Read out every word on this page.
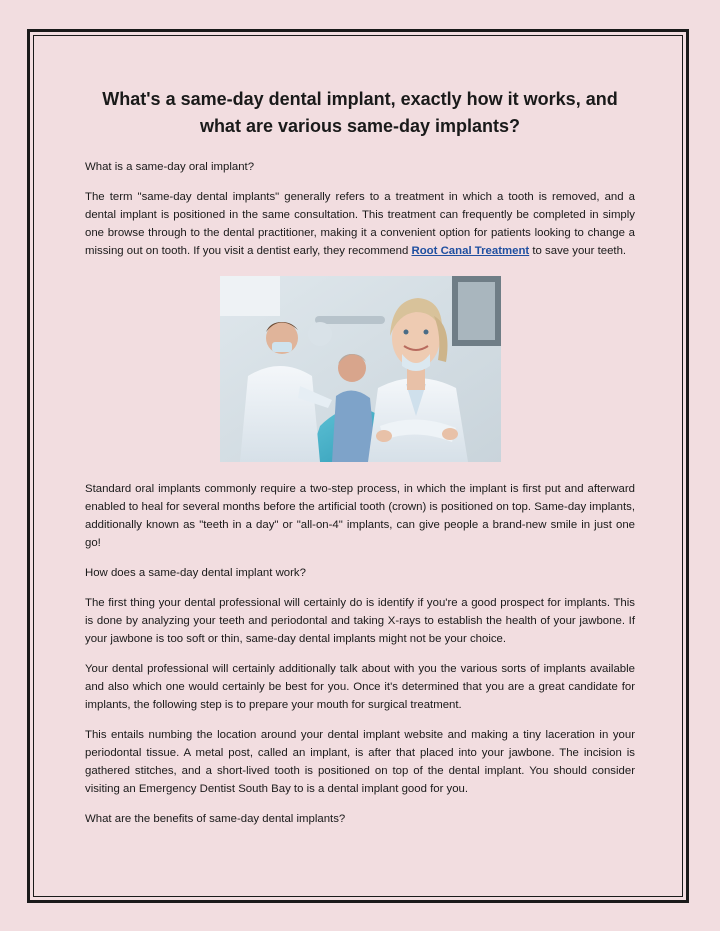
What's a same-day dental implant, exactly how it works, and what are various same-day implants?

What is a same-day oral implant?

The term "same-day dental implants" generally refers to a treatment in which a tooth is removed, and a dental implant is positioned in the same consultation. This treatment can frequently be completed in simply one browse through to the dental practitioner, making it a convenient option for patients looking to change a missing out on tooth. If you visit a dentist early, they recommend Root Canal Treatment to save your teeth.

Standard oral implants commonly require a two-step process, in which the implant is first put and afterward enabled to heal for several months before the artificial tooth (crown) is positioned on top. Same-day implants, additionally known as "teeth in a day" or "all-on-4" implants, can give people a brand-new smile in just one go!

How does a same-day dental implant work?

The first thing your dental professional will certainly do is identify if you're a good prospect for implants. This is done by analyzing your teeth and periodontal and taking X-rays to establish the health of your jawbone. If your jawbone is too soft or thin, same-day dental implants might not be your choice.

Your dental professional will certainly additionally talk about with you the various sorts of implants available and also which one would certainly be best for you. Once it's determined that you are a great candidate for implants, the following step is to prepare your mouth for surgical treatment.

This entails numbing the location around your dental implant website and making a tiny laceration in your periodontal tissue. A metal post, called an implant, is after that placed into your jawbone. The incision is gathered stitches, and a short-lived tooth is positioned on top of the dental implant. You should consider visiting an Emergency Dentist South Bay to is a dental implant good for you.

What are the benefits of same-day dental implants?
